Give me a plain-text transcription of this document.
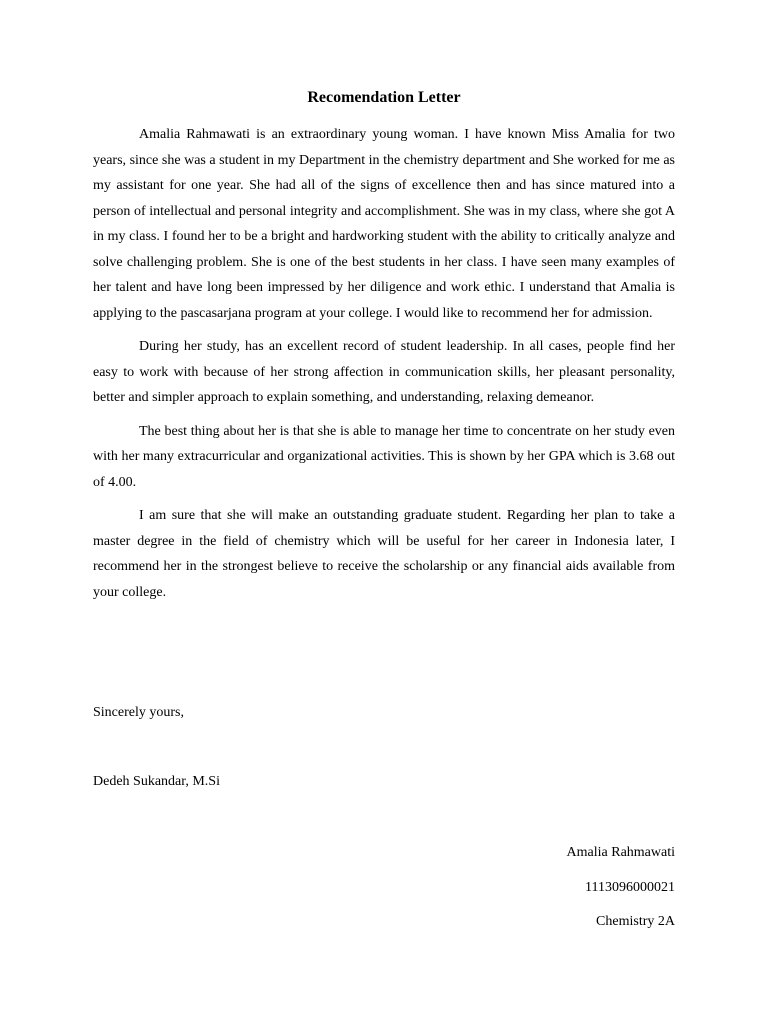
Recomendation Letter

Amalia Rahmawati is an extraordinary young woman. I have known Miss Amalia for two years, since she was a student in my Department in the chemistry department and She worked for me as my assistant for one year. She had all of the signs of excellence then and has since matured into a person of intellectual and personal integrity and accomplishment. She was in my class, where she got A in my class. I found her to be a bright and hardworking student with the ability to critically analyze and solve challenging problem. She is one of the best students in her class. I have seen many examples of her talent and have long been impressed by her diligence and work ethic. I understand that Amalia is applying to the pascasarjana program at your college. I would like to recommend her for admission.

During her study, has an excellent record of student leadership. In all cases, people find her easy to work with because of her strong affection in communication skills, her pleasant personality, better and simpler approach to explain something, and understanding, relaxing demeanor.

The best thing about her is that she is able to manage her time to concentrate on her study even with her many extracurricular and organizational activities. This is shown by her GPA which is 3.68 out of 4.00.

I am sure that she will make an outstanding graduate student. Regarding her plan to take a master degree in the field of chemistry which will be useful for her career in Indonesia later, I recommend her in the strongest believe to receive the scholarship or any financial aids available from your college.

Sincerely yours,

Dedeh Sukandar, M.Si

Amalia Rahmawati

1113096000021

Chemistry 2A
